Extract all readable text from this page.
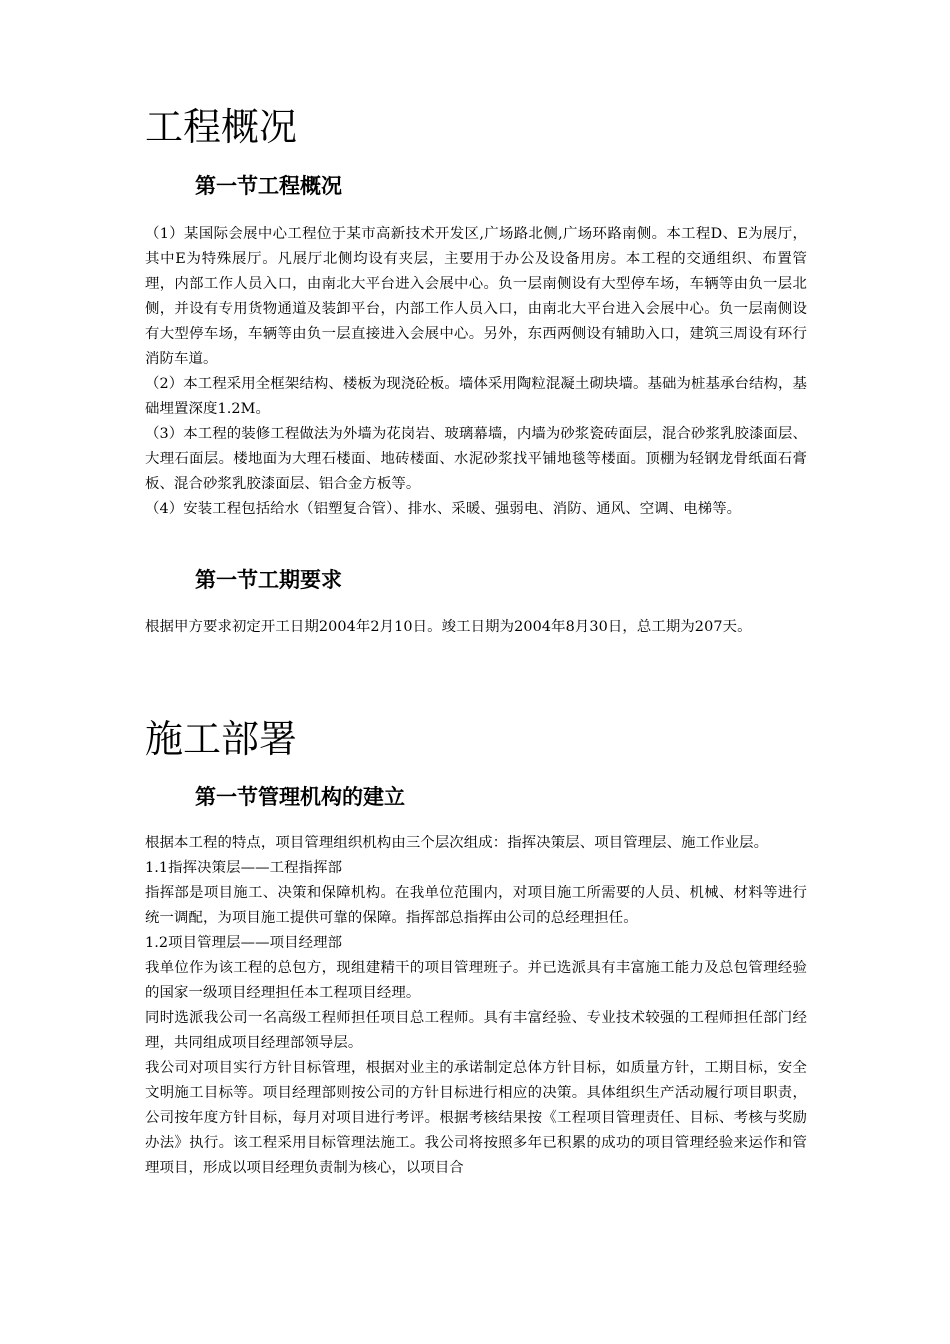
工程概况
第一节工程概况

（1）某国际会展中心工程位于某市高新技术开发区,广场路北侧,广场环路南侧。本工程D、E为展厅，其中E为特殊展厅。凡展厅北侧均设有夹层，主要用于办公及设备用房。本工程的交通组织、布置管理，内部工作人员入口，由南北大平台进入会展中心。负一层南侧设有大型停车场，车辆等由负一层北侧，并设有专用货物通道及装卸平台，内部工作人员入口，由南北大平台进入会展中心。负一层南侧设有大型停车场，车辆等由负一层直接进入会展中心。另外，东西两侧设有辅助入口，建筑三周设有环行消防车道。

（2）本工程采用全框架结构、楼板为现浇砼板。墙体采用陶粒混凝土砌块墙。基础为桩基承台结构，基础埋置深度1.2M。

（3）本工程的装修工程做法为外墙为花岗岩、玻璃幕墙，内墙为砂浆瓷砖面层，混合砂浆乳胶漆面层、大理石面层。楼地面为大理石楼面、地砖楼面、水泥砂浆找平铺地毯等楼面。顶棚为轻钢龙骨纸面石膏板、混合砂浆乳胶漆面层、铝合金方板等。

（4）安装工程包括给水（铝塑复合管）、排水、采暖、强弱电、消防、通风、空调、电梯等。

第一节工期要求

根据甲方要求初定开工日期2004年2月10日。竣工日期为2004年8月30日，总工期为207天。

施工部署
第一节管理机构的建立

根据本工程的特点，项目管理组织机构由三个层次组成：指挥决策层、项目管理层、施工作业层。

1.1指挥决策层——工程指挥部

指挥部是项目施工、决策和保障机构。在我单位范围内，对项目施工所需要的人员、机械、材料等进行统一调配，为项目施工提供可靠的保障。指挥部总指挥由公司的总经理担任。

1.2项目管理层——项目经理部

我单位作为该工程的总包方，现组建精干的项目管理班子。并已选派具有丰富施工能力及总包管理经验的国家一级项目经理担任本工程项目经理。

同时选派我公司一名高级工程师担任项目总工程师。具有丰富经验、专业技术较强的工程师担任部门经理，共同组成项目经理部领导层。

我公司对项目实行方针目标管理，根据对业主的承诺制定总体方针目标，如质量方针，工期目标，安全文明施工目标等。项目经理部则按公司的方针目标进行相应的决策。具体组织生产活动履行项目职责，公司按年度方针目标，每月对项目进行考评。根据考核结果按《工程项目管理责任、目标、考核与奖励办法》执行。该工程采用目标管理法施工。我公司将按照多年已积累的成功的项目管理经验来运作和管理项目，形成以项目经理负责制为核心，以项目合
